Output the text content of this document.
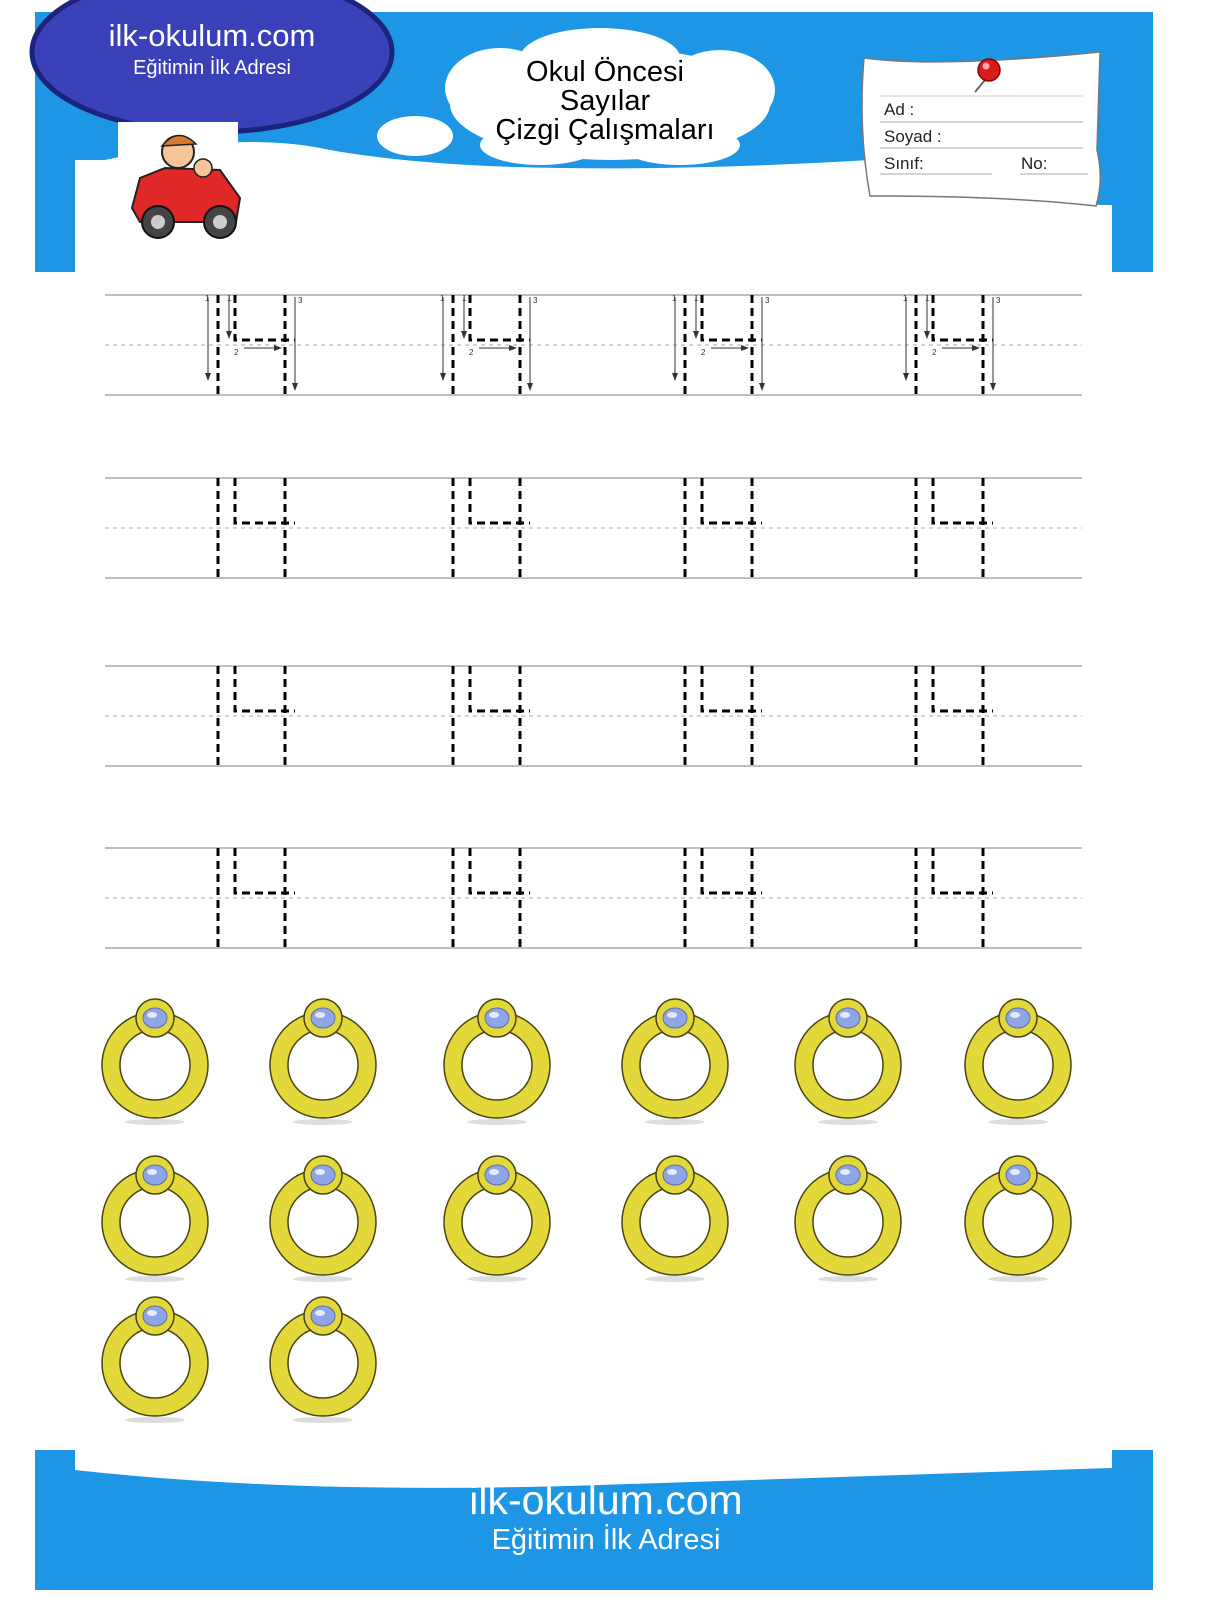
ilk-okulum.com
Eğitimin İlk Adresi	Okul Öncesi
Sayılar
Çizgi Çalışmaları
Ad :
Soyad :
Sınıf:	No:
1 1
2
3	1 1
2
3	1 1
2
3	1 1
2
3
ilk-okulum.com
Eğitimin İlk Adresi
